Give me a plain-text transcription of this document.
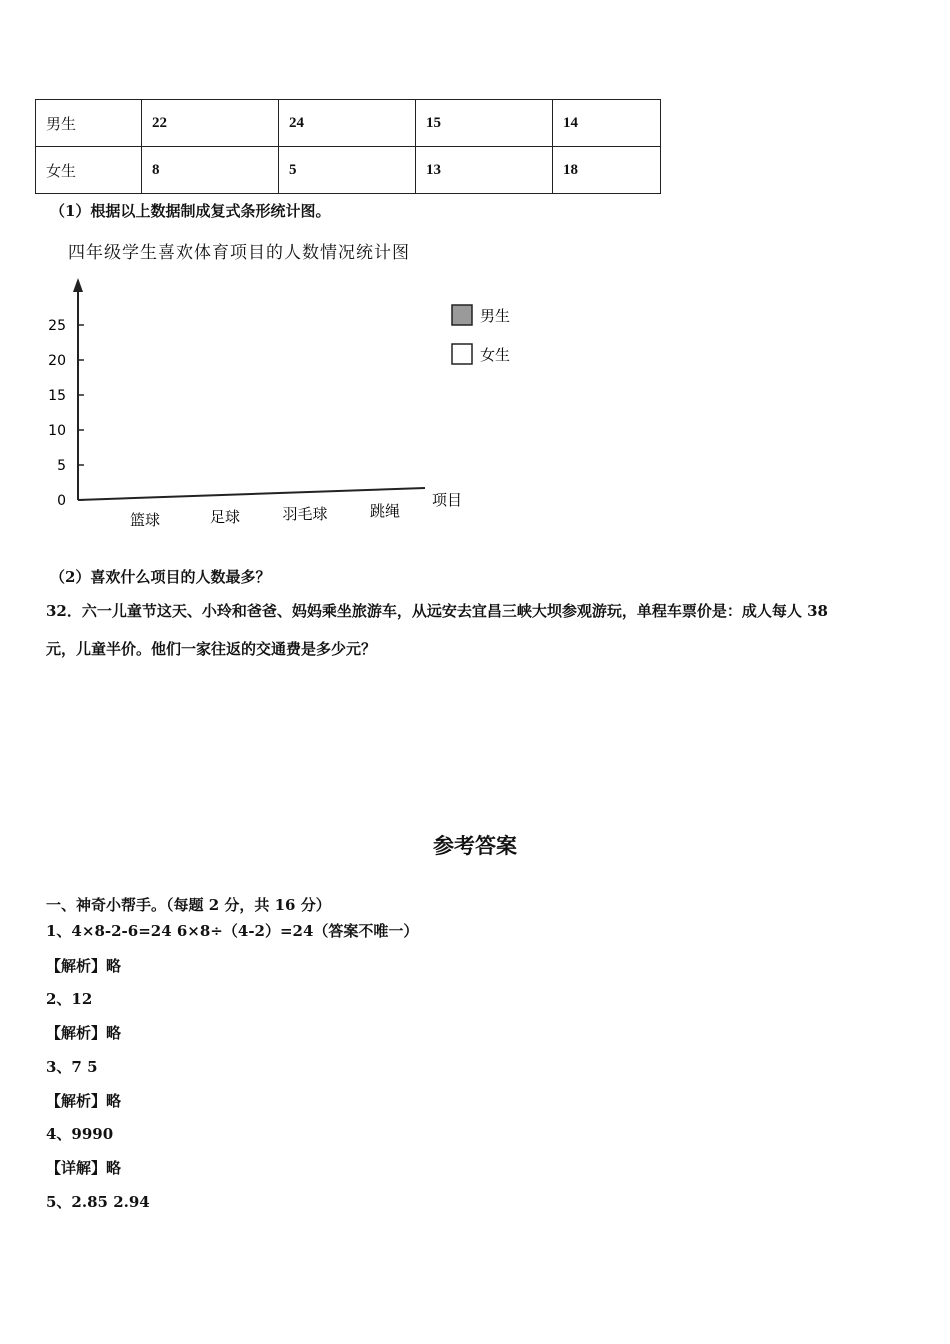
男生	22	24	15	14
女生	8	5	13	18
（1）根据以上数据制成复式条形统计图。
四年级学生喜欢体育项目的人数情况统计图
0
5
10
15
20
25
篮球	足球	羽毛球	跳绳
项目
男生
女生
（2）喜欢什么项目的人数最多？
32．六一儿童节这天、小玲和爸爸、妈妈乘坐旅游车，从远安去宜昌三峡大坝参观游玩，单程车票价是：成人每人 38
元，儿童半价。他们一家往返的交通费是多少元？
参考答案
一、神奇小帮手。（每题 2 分，共 16 分）
1、4×8-2-6=24 6×8÷（4-2）=24（答案不唯一）
【解析】略
2、12
【解析】略
3、7 5
【解析】略
4、9990
【详解】略
5、2.85 2.94
